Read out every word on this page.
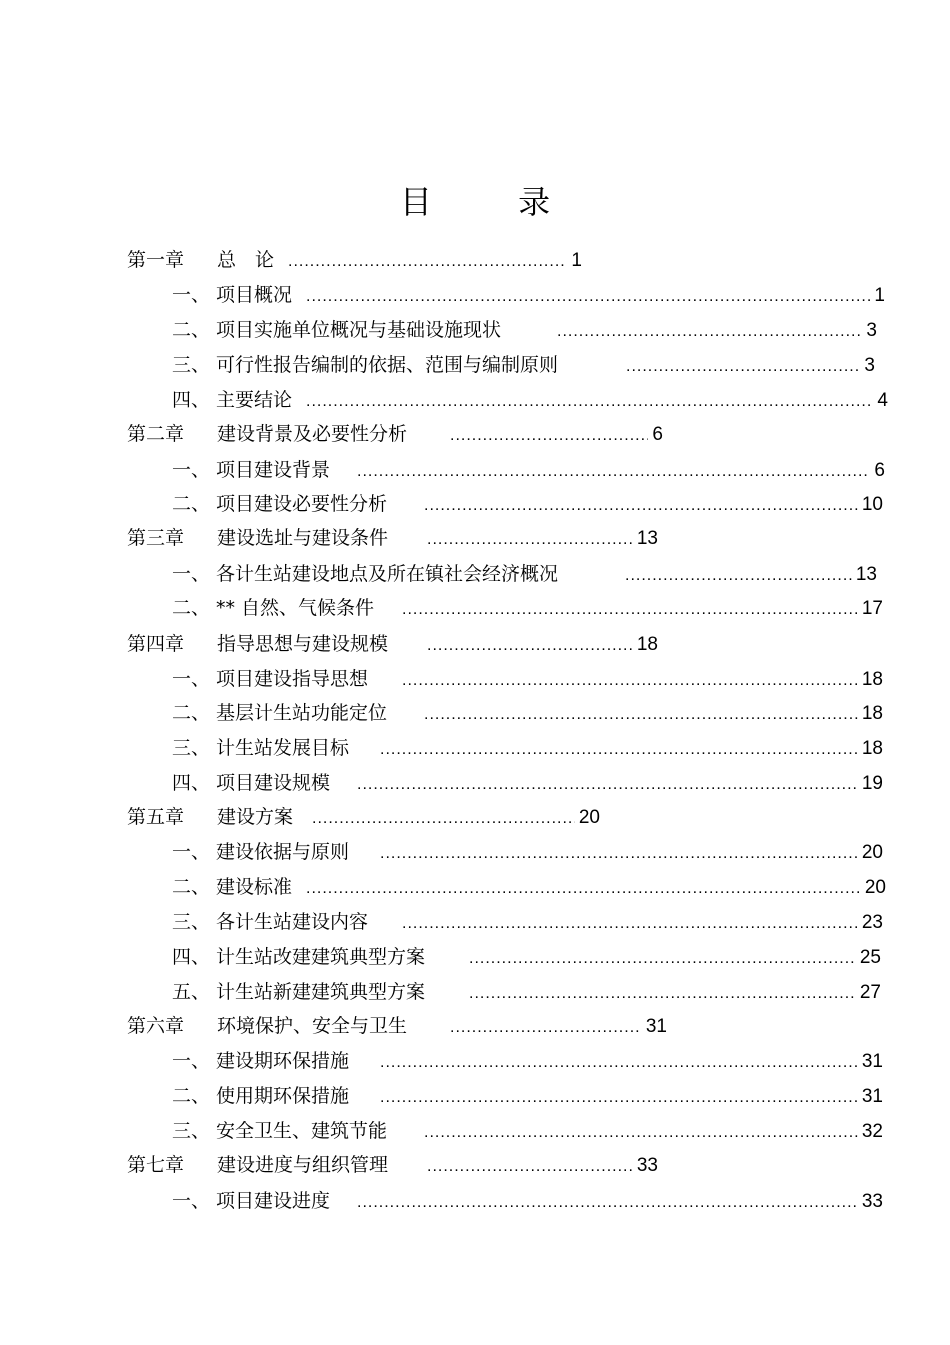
目 录
第一章	总　论 .....	1
一、 项目概况 .....	1
二、 项目实施单位概况与基础设施现状 .....	3
三、 可行性报告编制的依据、范围与编制原则 .....	3
四、 主要结论 .....	4
第二章	建设背景及必要性分析 .....	6
一、 项目建设背景 .....	6
二、 项目建设必要性分析 .....	10
第三章	建设选址与建设条件 .....	13
一、 各计生站建设地点及所在镇社会经济概况 .....	13
二、 ** 自然、气候条件 .....	17
第四章	指导思想与建设规模 .....	18
一、 项目建设指导思想 .....	18
二、 基层计生站功能定位 .....	18
三、 计生站发展目标 .....	18
四、 项目建设规模 .....	19
第五章	建设方案 .....	20
一、 建设依据与原则 .....	20
二、 建设标准 .....	20
三、 各计生站建设内容 .....	23
四、 计生站改建建筑典型方案 .....	25
五、 计生站新建建筑典型方案 .....	27
第六章	环境保护、安全与卫生 .....	31
一、 建设期环保措施 .....	31
二、 使用期环保措施 .....	31
三、 安全卫生、建筑节能 .....	32
第七章	建设进度与组织管理 .....	33
一、 项目建设进度 .....	33
